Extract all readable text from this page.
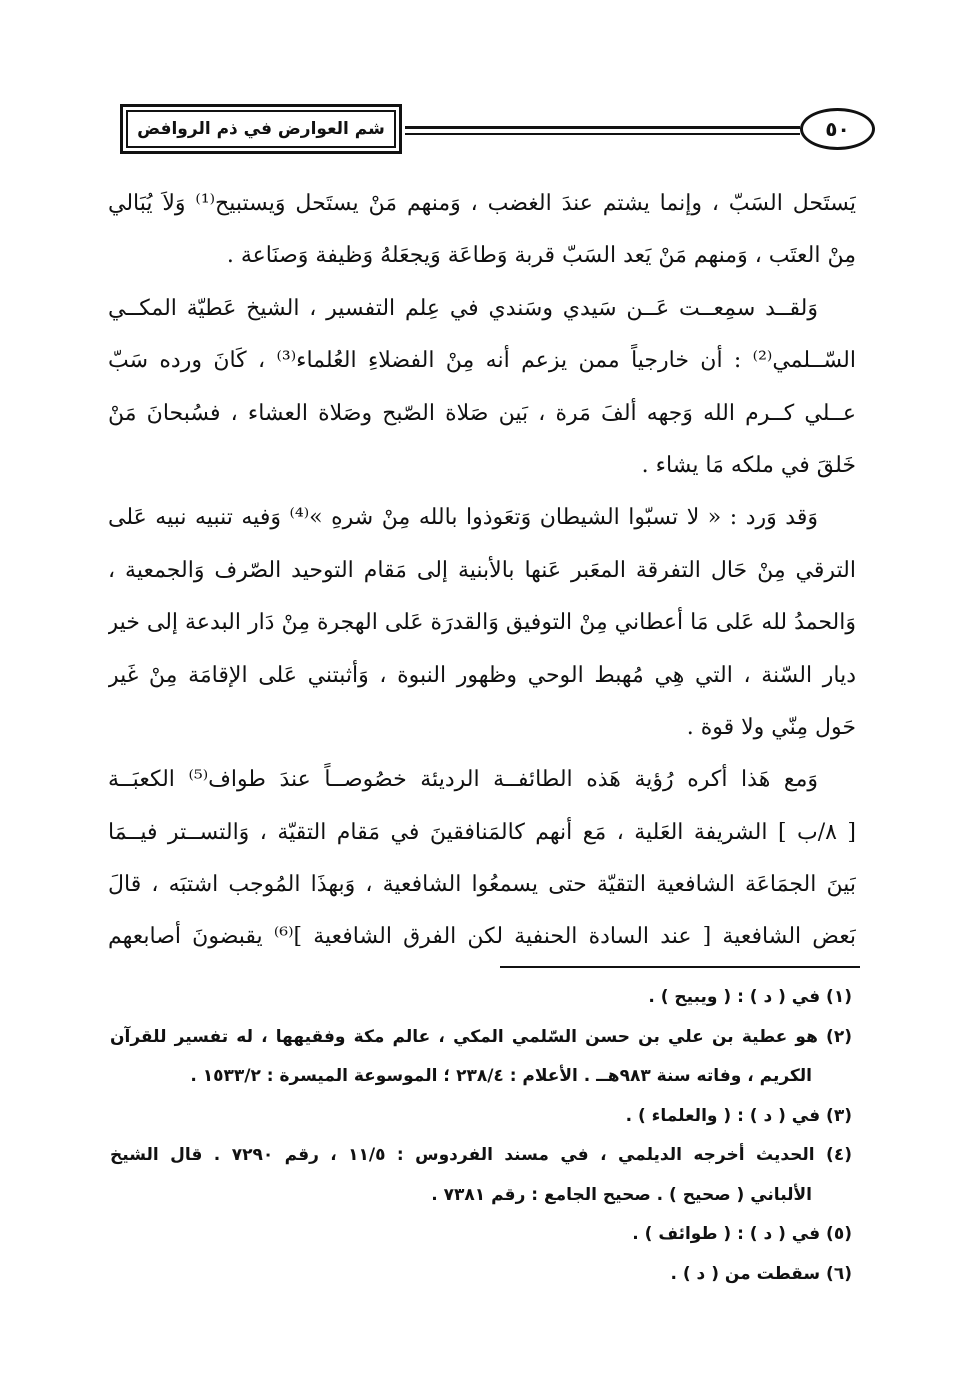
شم العوارض في ذم الروافض	٥٠
يَستَحل السَبّ ، وإنما يشتم عندَ الغضب ، وَمنهم مَنْ يستَحل وَيستبيح⁽¹⁾ وَلاَ يُبَالي
مِنْ العتَب ، وَمنهم مَنْ يَعد السَبّ قربة وَطاعَة وَيجعَلهُ وَظيفة وَصنَاعة .
وَلقــد سمِعــت عَــن سَيدي وسَندي في عِلم التفسير ، الشيخ عَطيّة المكــي
السّــلمي⁽²⁾ : أن خارجياً ممن يزعم أنه مِنْ الفضلاءِ العُلماء⁽³⁾ ، كَانَ ورده سَبّ
عــلي كــرم الله وَجهه ألفَ مَرة ، بَين صَلاة الصّبح وصَلاة العشاء ، فسُبحانَ مَنْ
خَلقَ في ملكه مَا يشاء .
وَقد وَرد : « لا تسبّوا الشيطان وَتعَوذوا بالله مِنْ شرهِ »⁽⁴⁾ وَفيه تنبيه نبيه عَلى
الترقي مِنْ حَال التفرقة المعَبر عَنها بالأبنية إلى مَقام التوحيد الصّرف وَالجمعية ،
وَالحمدُ لله عَلى مَا أعطاني مِنْ التوفيق وَالقدرَة عَلى الهجرة مِنْ دَار البدعة إلى خير
ديار السّنة ، التي هِي مُهبط الوحي وظهور النبوة ، وَأثبتني عَلى الإقامَة مِنْ غَير
حَول مِنّي ولا قوة .
وَمع هَذا أكره رُؤية هَذه الطائفــة الرديئة خصُوصــاً عندَ طواف⁽⁵⁾ الكعبَــة
[ ٨/ب ] الشريفة العَلية ، مَع أنهم كالمَنافقينَ في مَقام التقيّة ، وَالتســتر فيــمَا
بَينَ الجمَاعَة الشافعية التقيّة حتى يسمعُوا الشافعية ، وَبهذَا المُوجب اشتبَه ، قالَ
بَعض الشافعية [ عند السادة الحنفية لكن الفرق الشافعية ]⁽⁶⁾ يقبضونَ أصابعهم
(١) في ( د ) : ( ويبيح ) .
(٢) هو عطية بن علي بن حسن السّلمي المكي ، عالم مكة وفقيهها ، له تفسير للقرآن
الكريم ، وفاته سنة ٩٨٣هــ . الأعلام : ٢٣٨/٤ ؛ الموسوعة الميسرة : ١٥٣٣/٢ .
(٣) في ( د ) : ( والعلماء ) .
(٤) الحديث أخرجه الديلمي ، في مسند الفردوس : ١١/٥ ، رقم ٧٢٩٠ . قال الشيخ
الألباني ( صحيح ) . صحيح الجامع : رقم ٧٣٨١ .
(٥) في ( د ) : ( طوائف ) .
(٦) سقطت من ( د ) .
